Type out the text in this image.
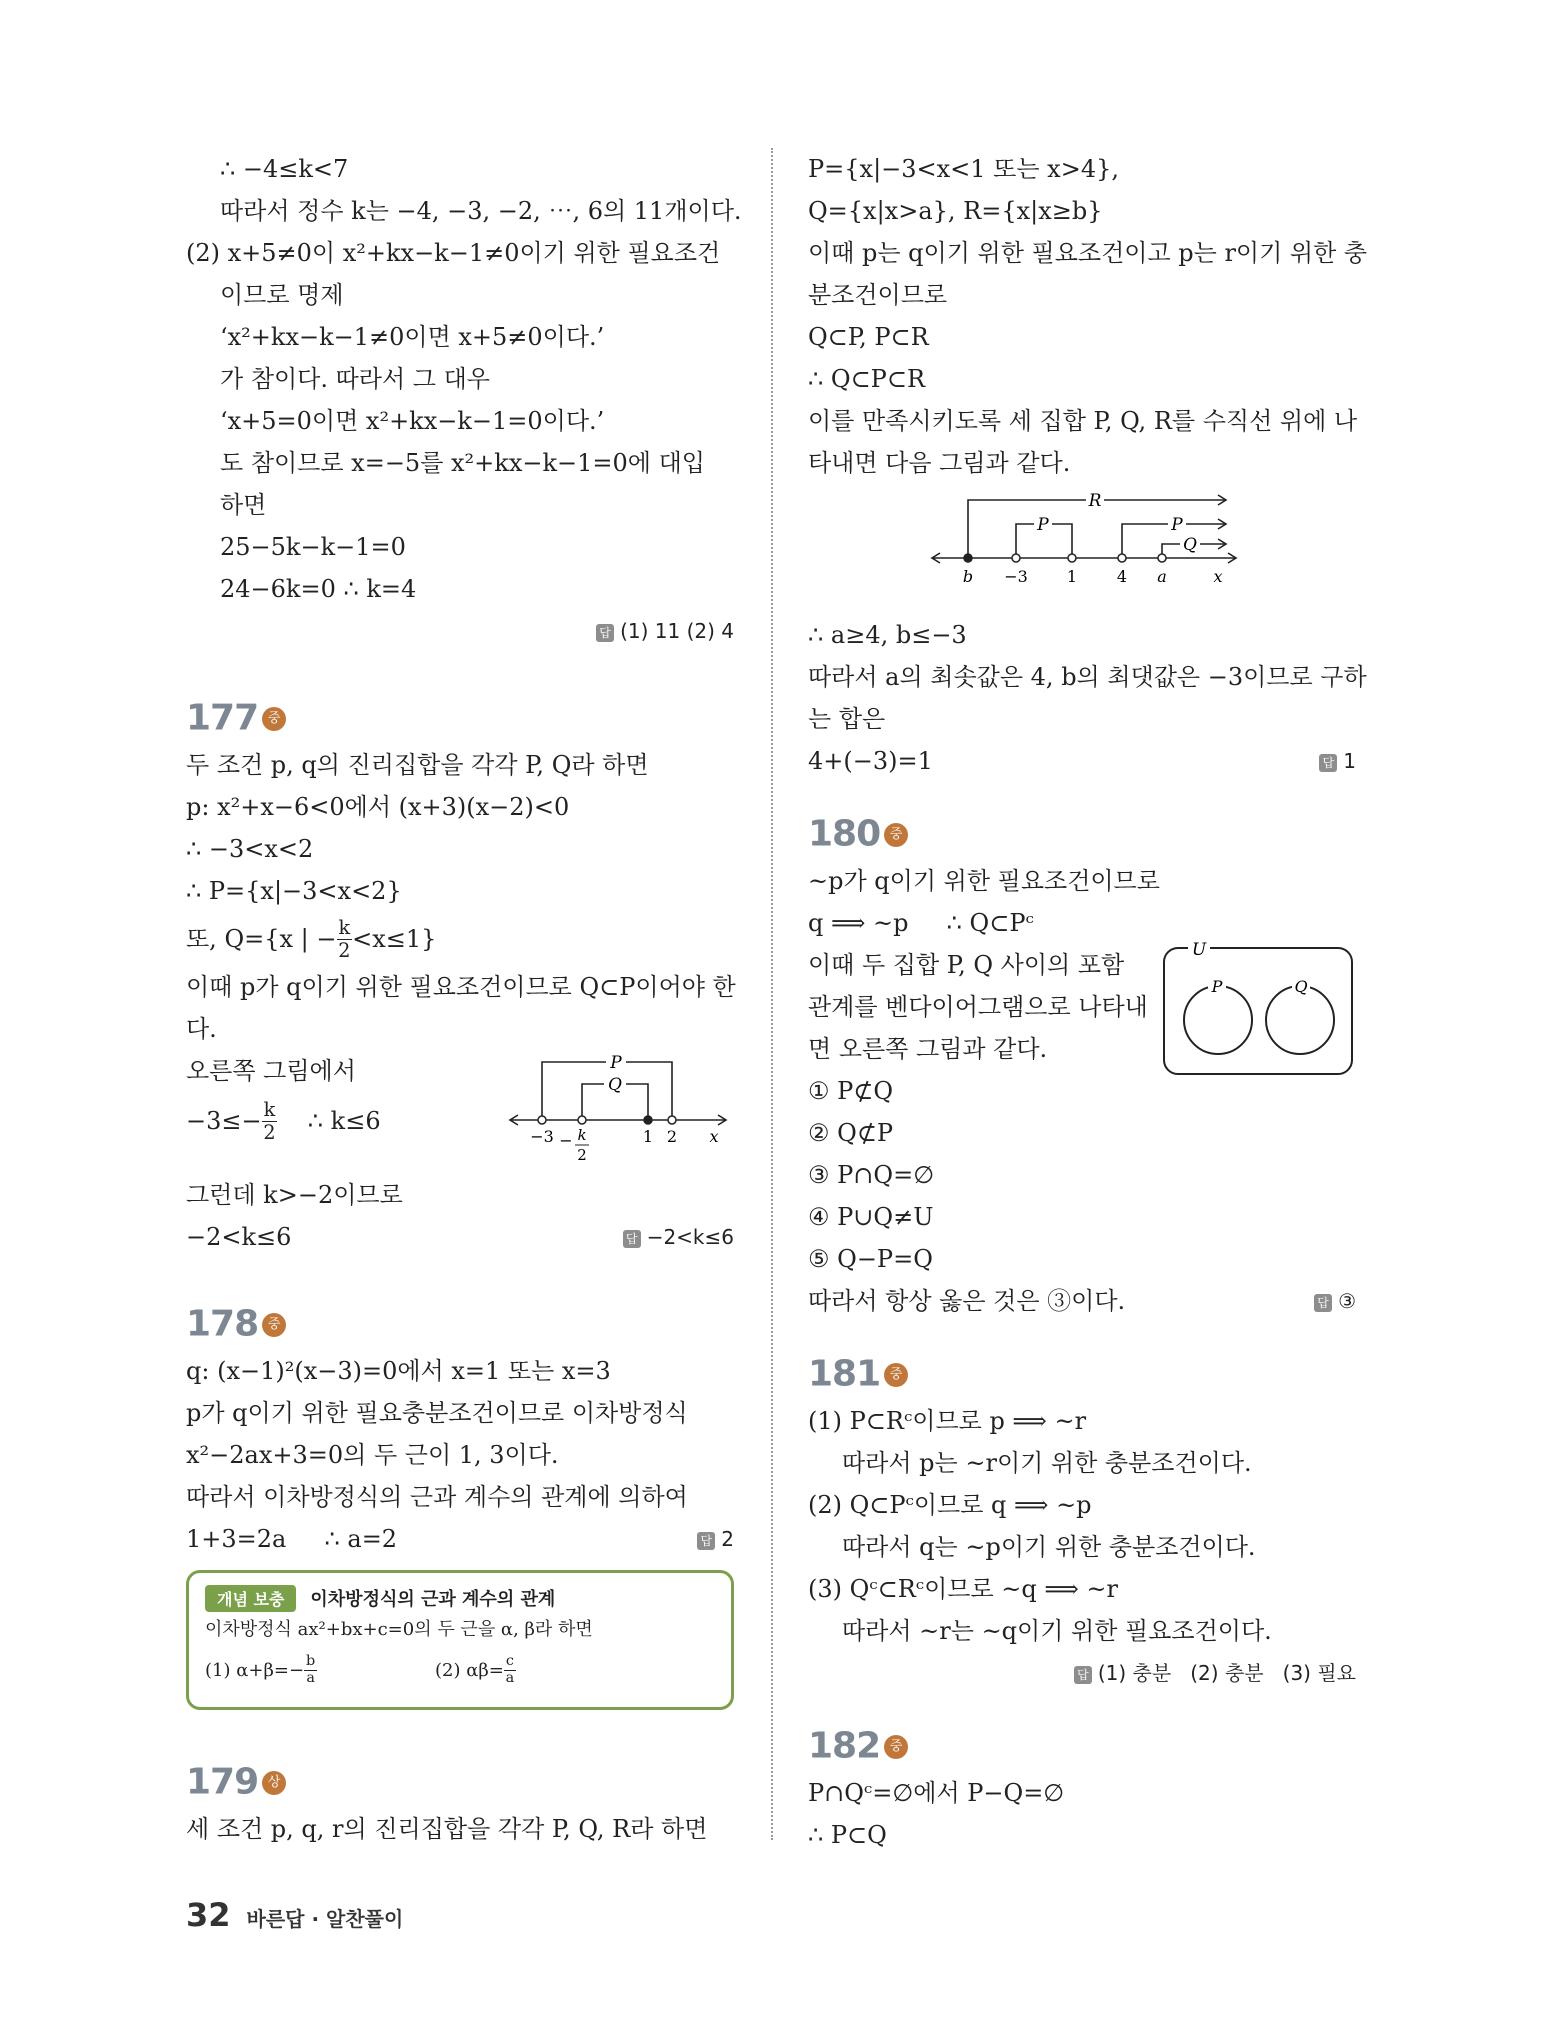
∴ −4≤k<7
따라서 정수 k는 −4, −3, −2, ⋯, 6의 11개이다.
(2) x+5≠0이 x²+kx−k−1≠0이기 위한 필요조건
이므로 명제
‘x²+kx−k−1≠0이면 x+5≠0이다.’
가 참이다. 따라서 그 대우
‘x+5=0이면 x²+kx−k−1=0이다.’
도 참이므로 x=−5를 x²+kx−k−1=0에 대입
하면
25−5k−k−1=0
24−6k=0 ∴ k=4
답 (1) 11 (2) 4
177 중
두 조건 p, q의 진리집합을 각각 P, Q라 하면
p: x²+x−6<0에서 (x+3)(x−2)<0
∴ −3<x<2
∴ P={x|−3<x<2}
또, Q= {x | − $\frac{k}{2} <x\le 1$}
이때 p가 q이기 위한 필요조건이므로 Q⊂P이어야 한
다.
오른쪽 그림에서
$-3\le- \frac{k}{2}$ ∴ k≤6
P
Q
−3 − k
2
1 2 x
그런데 k>−2이므로
−2<k≤6	답 −2<k≤6
178 중
q: (x−1)²(x−3)=0에서 x=1 또는 x=3
p가 q이기 위한 필요충분조건이므로 이차방정식
x²−2ax+3=0의 두 근이 1, 3이다.
따라서 이차방정식의 근과 계수의 관계에 의하여
1+3=2a     ∴ a=2	답 2
개념 보충	이차방정식의 근과 계수의 관계
이차방정식 ax²+bx+c=0의 두 근을 α, β라 하면
(1) $\alpha+\beta=- \frac{b}{a}$	(2) $\alpha\beta= \frac{c}{a}$
179 상
세 조건 p, q, r의 진리집합을 각각 P, Q, R라 하면
P={x|−3<x<1 또는 x>4},
Q={x|x>a}, R={x|x≥b}
이때 p는 q이기 위한 필요조건이고 p는 r이기 위한 충
분조건이므로
Q⊂P, P⊂R
∴ Q⊂P⊂R
이를 만족시키도록 세 집합 P, Q, R를 수직선 위에 나
타내면 다음 그림과 같다.
R
P	P
Q
b −3 1 4 a	x
∴ a≥4, b≤−3
따라서 a의 최솟값은 4, b의 최댓값은 −3이므로 구하
는 합은
4+(−3)=1	답 1
180 중
~p가 q이기 위한 필요조건이므로
q ⟹ ~p     ∴ Q⊂Pᶜ
이때 두 집합 P, Q 사이의 포함
관계를 벤다이어그램으로 나타내
면 오른쪽 그림과 같다.
① P⊄Q
② Q⊄P
③ P∩Q=∅
④ P∪Q≠U
⑤ Q−P=Q
따라서 항상 옳은 것은 ③이다.	답 ③
U
P	Q
181 중
(1) P⊂Rᶜ이므로 p ⟹ ~r
따라서 p는 ~r이기 위한 충분조건이다.
(2) Q⊂Pᶜ이므로 q ⟹ ~p
따라서 q는 ~p이기 위한 충분조건이다.
(3) Qᶜ⊂Rᶜ이므로 ~q ⟹ ~r
따라서 ~r는 ~q이기 위한 필요조건이다.
답 (1) 충분   (2) 충분   (3) 필요
182 중
P∩Qᶜ=∅에서 P−Q=∅
∴ P⊂Q
32 바른답 · 알찬풀이
